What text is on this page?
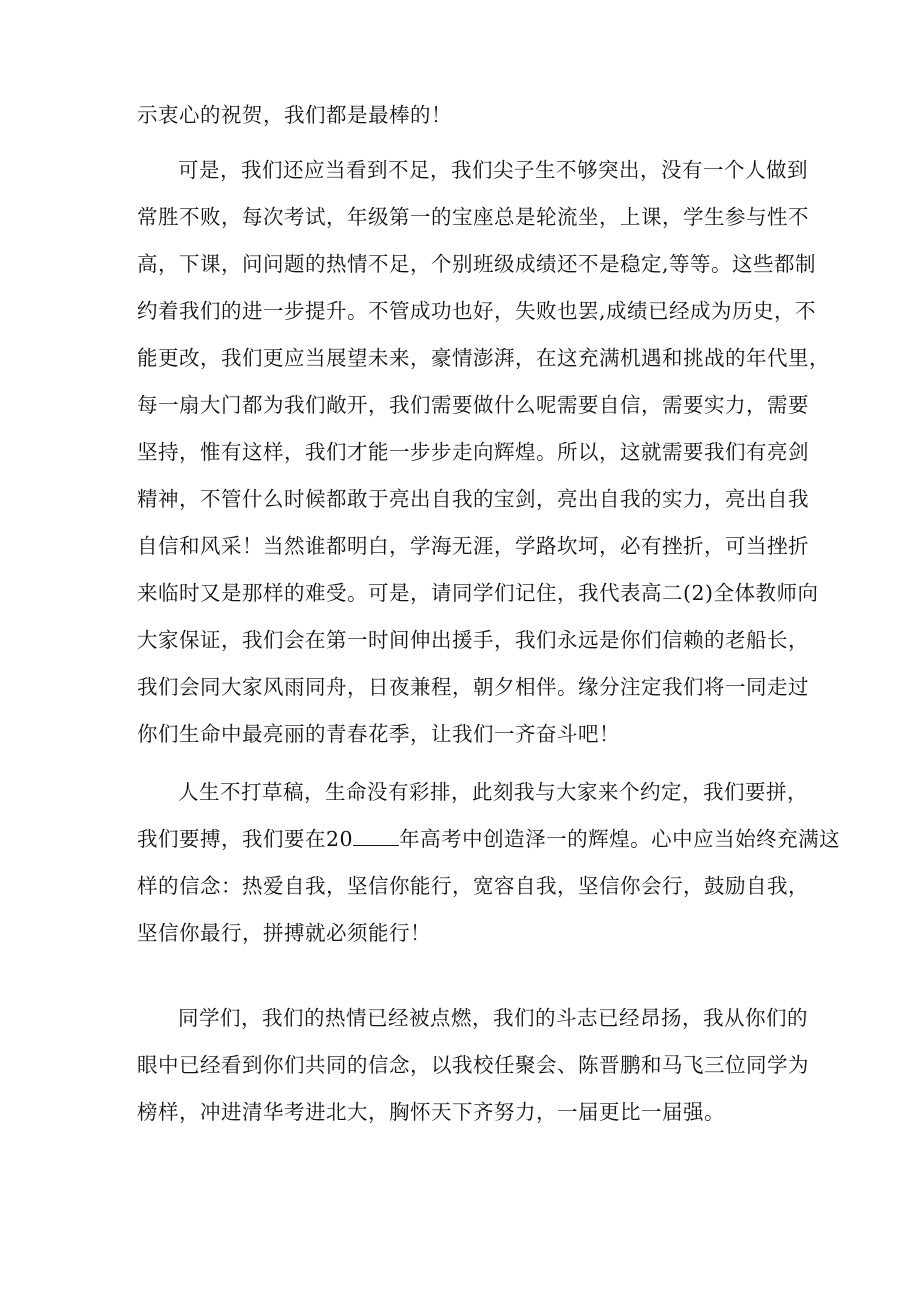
示衷心的祝贺，我们都是最棒的！
可是，我们还应当看到不足，我们尖子生不够突出，没有一个人做到
常胜不败，每次考试，年级第一的宝座总是轮流坐，上课，学生参与性不
高，下课，问问题的热情不足，个别班级成绩还不是稳定,等等。这些都制
约着我们的进一步提升。不管成功也好，失败也罢,成绩已经成为历史，不
能更改，我们更应当展望未来，豪情澎湃，在这充满机遇和挑战的年代里，
每一扇大门都为我们敞开，我们需要做什么呢需要自信，需要实力，需要
坚持，惟有这样，我们才能一步步走向辉煌。所以，这就需要我们有亮剑
精神，不管什么时候都敢于亮出自我的宝剑，亮出自我的实力，亮出自我
自信和风采！当然谁都明白，学海无涯，学路坎坷，必有挫折，可当挫折
来临时又是那样的难受。可是，请同学们记住，我代表高二(2)全体教师向
大家保证，我们会在第一时间伸出援手，我们永远是你们信赖的老船长，
我们会同大家风雨同舟，日夜兼程，朝夕相伴。缘分注定我们将一同走过
你们生命中最亮丽的青春花季，让我们一齐奋斗吧！
人生不打草稿，生命没有彩排，此刻我与大家来个约定，我们要拼，
我们要搏，我们要在20 年高考中创造泽一的辉煌。心中应当始终充满这
样的信念：热爱自我，坚信你能行，宽容自我，坚信你会行，鼓励自我，
坚信你最行，拼搏就必须能行！
同学们，我们的热情已经被点燃，我们的斗志已经昂扬，我从你们的
眼中已经看到你们共同的信念，以我校任聚会、陈晋鹏和马飞三位同学为
榜样，冲进清华考进北大，胸怀天下齐努力，一届更比一届强。
